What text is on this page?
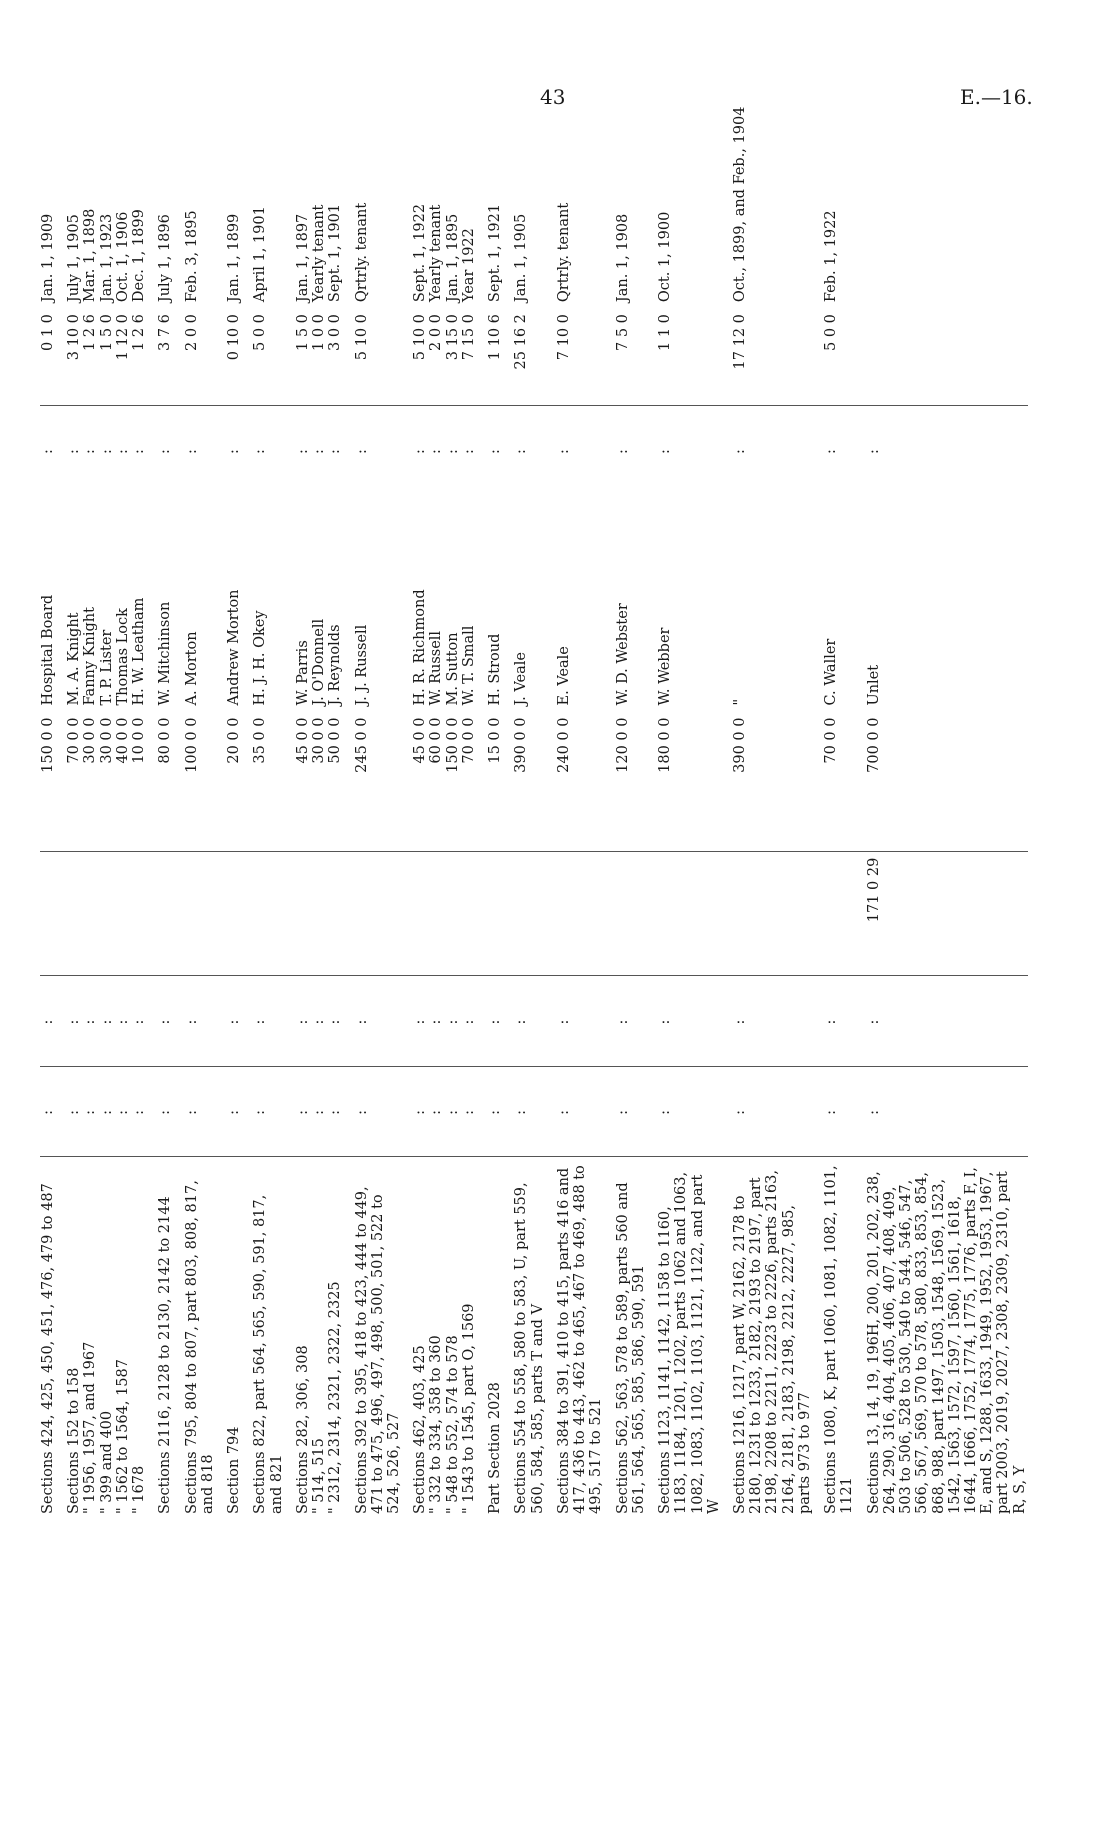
43	E.—16.
Sections 424, 425, 450, 451, 476, 479 to 487	:	:		150 0 0	Hospital Board	:	0 1 0	Jan. 1, 1909
Sections 152 to 158	:	:		70 0 0	M. A. Knight	:	3 10 0	July 1, 1905
" 1956, 1957, and 1967	:	:		30 0 0	Fanny Knight	:	1 2 6	Mar. 1, 1898
" 399 and 400	:	:		30 0 0	T. P. Lister	:	1 5 0	Jan. 1, 1923
" 1562 to 1564, 1587	:	:		40 0 0	Thomas Lock	:	1 12 0	Oct. 1, 1906
" 1678	:	:		10 0 0	H. W. Leatham	:	1 2 6	Dec. 1, 1899
Sections 2116, 2128 to 2130, 2142 to 2144	:	:		80 0 0	W. Mitchinson	:	3 7 6	July 1, 1896
Sections 795, 804 to 807, part 803, 808, 817, and 818	:	:		100 0 0	A. Morton	:	2 0 0	Feb. 3, 1895
Section 794	:	:		20 0 0	Andrew Morton	:	0 10 0	Jan. 1, 1899
Sections 822, part 564, 565, 590, 591, 817, and 821	:	:		35 0 0	H. J. H. Okey	:	5 0 0	April 1, 1901
Sections 282, 306, 308	:	:		45 0 0	W. Parris	:	1 5 0	Jan. 1, 1897
" 514, 515	:	:		30 0 0	J. O'Donnell	:	1 0 0	Yearly tenant
" 2312, 2314, 2321, 2322, 2325	:	:		50 0 0	J. Reynolds	:	3 0 0	Sept. 1, 1901
Sections 392 to 395, 418 to 423, 444 to 449, 471 to 475, 496, 497, 498, 500, 501, 522 to 524, 526, 527	:	:		245 0 0	J. J. Russell	:	5 10 0	Qrtrly. tenant
Sections 462, 403, 425	:	:		45 0 0	H. R. Richmond	:	5 10 0	Sept. 1, 1922
" 332 to 334, 358 to 360	:	:		60 0 0	W. Russell	:	2 0 0	Yearly tenant
" 548 to 552, 574 to 578	:	:		150 0 0	M. Sutton	:	3 15 0	Jan. 1, 1895
" 1543 to 1545, part O, 1569	:	:		70 0 0	W. T. Small	:	7 15 0	Year 1922
Part Section 2028	:	:		15 0 0	H. Stroud	:	1 10 6	Sept. 1, 1921
Sections 554 to 558, 580 to 583, U, part 559, 560, 584, 585, parts T and V	:	:		390 0 0	J. Veale	:	25 16 2	Jan. 1, 1905
Sections 384 to 391, 410 to 415, parts 416 and 417, 436 to 443, 462 to 465, 467 to 469, 488 to 495, 517 to 521	:	:		240 0 0	E. Veale	:	7 10 0	Qrtrly. tenant
Sections 562, 563, 578 to 589, parts 560 and 561, 564, 565, 585, 586, 590, 591	:	:		120 0 0	W. D. Webster	:	7 5 0	Jan. 1, 1908
Sections 1123, 1141, 1142, 1158 to 1160, 1183, 1184, 1201, 1202, parts 1062 and 1063, 1082, 1083, 1102, 1103, 1121, 1122, and part W	:	:		180 0 0	W. Webber	:	1 1 0	Oct. 1, 1900
Sections 1216, 1217, part W, 2162, 2178 to 2180, 1231 to 1233, 2182, 2193 to 2197, part 2198, 2208 to 2211, 2223 to 2226, parts 2163, 2164, 2181, 2183, 2198, 2212, 2227, 985, parts 973 to 977	:	:		390 0 0	"	:	17 12 0	Oct., 1899, and Feb., 1904
Sections 1080, K, part 1060, 1081, 1082, 1101, 1121	:	:		70 0 0	C. Waller	:	5 0 0	Feb. 1, 1922
Sections 13, 14, 19, 196H, 200, 201, 202, 238, 264, 290, 316, 404, 405, 406, 407, 408, 409, 503 to 506, 528 to 530, 540 to 544, 546, 547, 566, 567, 569, 570 to 578, 580, 833, 853, 854, 868, 988, part 1497, 1503, 1548, 1569, 1523, 1542, 1563, 1572, 1597, 1560, 1561, 1618, 1644, 1666, 1752, 1774, 1775, 1776, parts F, I, E, and S, 1288, 1633, 1949, 1952, 1953, 1967, part 2003, 2019, 2027, 2308, 2309, 2310, part R, S, Y	:	:	171 0 29	700 0 0	Unlet	:		
